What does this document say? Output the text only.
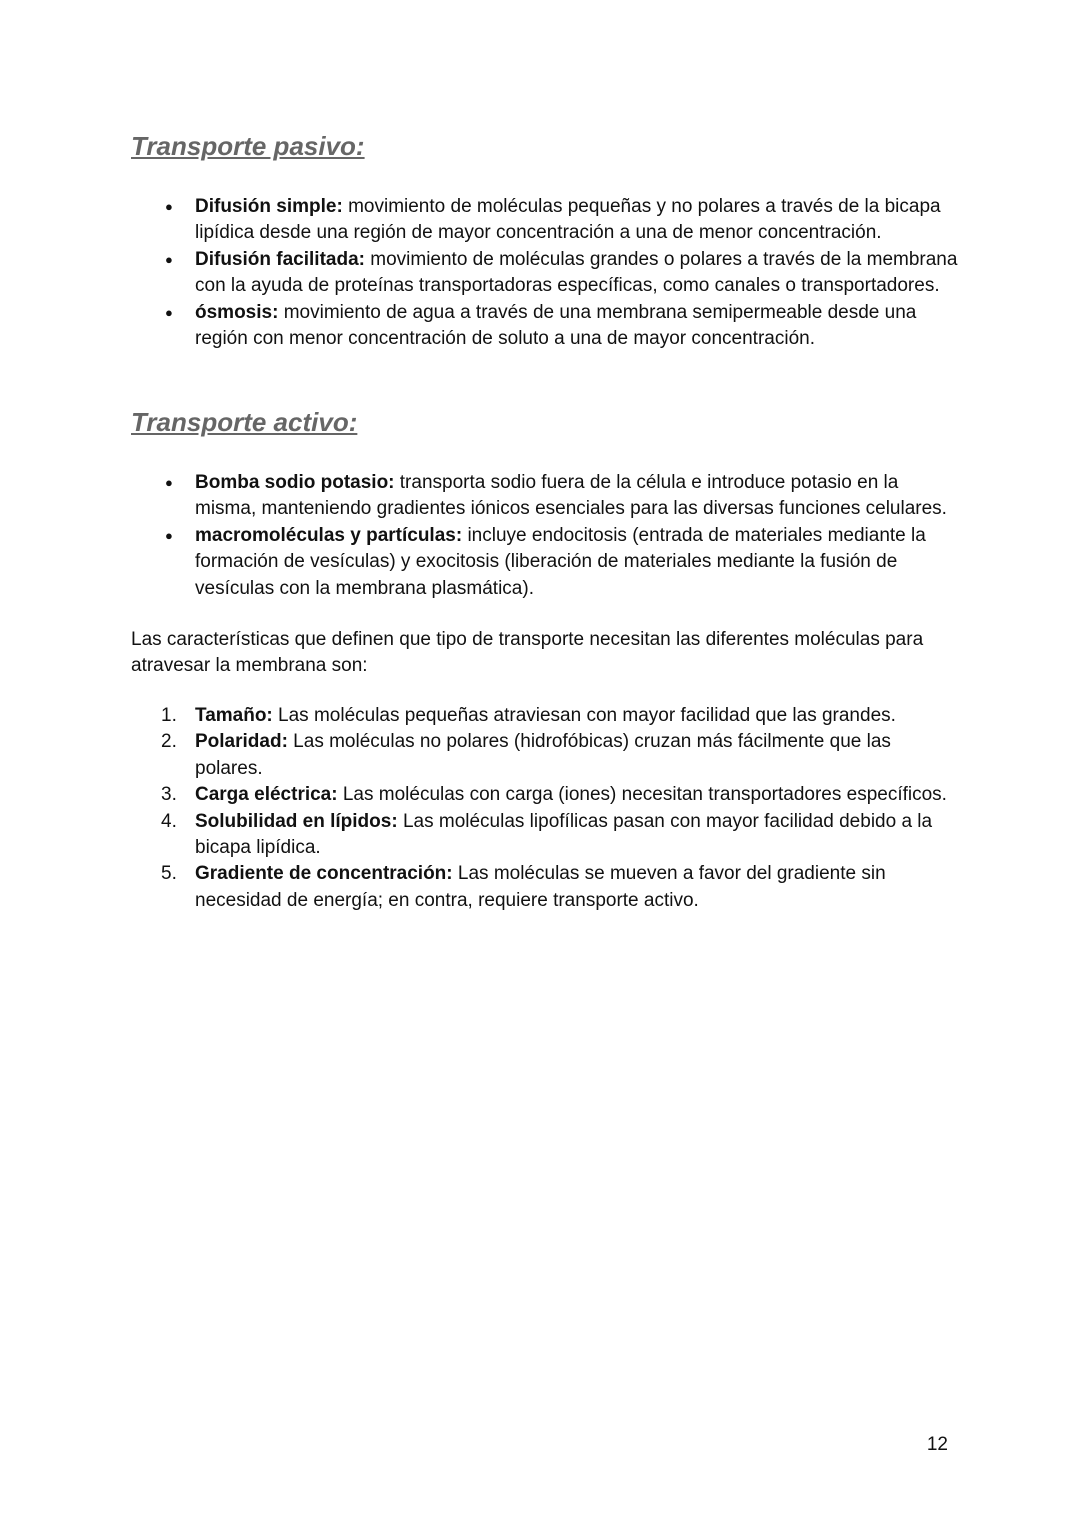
Transporte pasivo:
●	Difusión simple: movimiento de moléculas pequeñas y no polares a través de la bicapa lipídica desde una región de mayor concentración a una de menor concentración.
●	Difusión facilitada: movimiento de moléculas grandes o polares a través de la membrana con la ayuda de proteínas transportadoras específicas, como canales o transportadores.
●	ósmosis: movimiento de agua a través de una membrana semipermeable desde una región con menor concentración de soluto a una de mayor concentración.
Transporte activo:
●	Bomba sodio potasio: transporta sodio fuera de la célula e introduce potasio en la misma, manteniendo gradientes iónicos esenciales para las diversas funciones celulares.
●	macromoléculas y partículas: incluye endocitosis (entrada de materiales mediante la formación de vesículas) y exocitosis (liberación de materiales mediante la fusión de vesículas con la membrana plasmática).

Las características que definen que tipo de transporte necesitan las diferentes moléculas para atravesar la membrana son:

1. Tamaño: Las moléculas pequeñas atraviesan con mayor facilidad que las grandes.
2. Polaridad: Las moléculas no polares (hidrofóbicas) cruzan más fácilmente que las polares.
3. Carga eléctrica: Las moléculas con carga (iones) necesitan transportadores específicos.
4. Solubilidad en lípidos: Las moléculas lipofílicas pasan con mayor facilidad debido a la bicapa lipídica.
5. Gradiente de concentración: Las moléculas se mueven a favor del gradiente sin necesidad de energía; en contra, requiere transporte activo.
12
